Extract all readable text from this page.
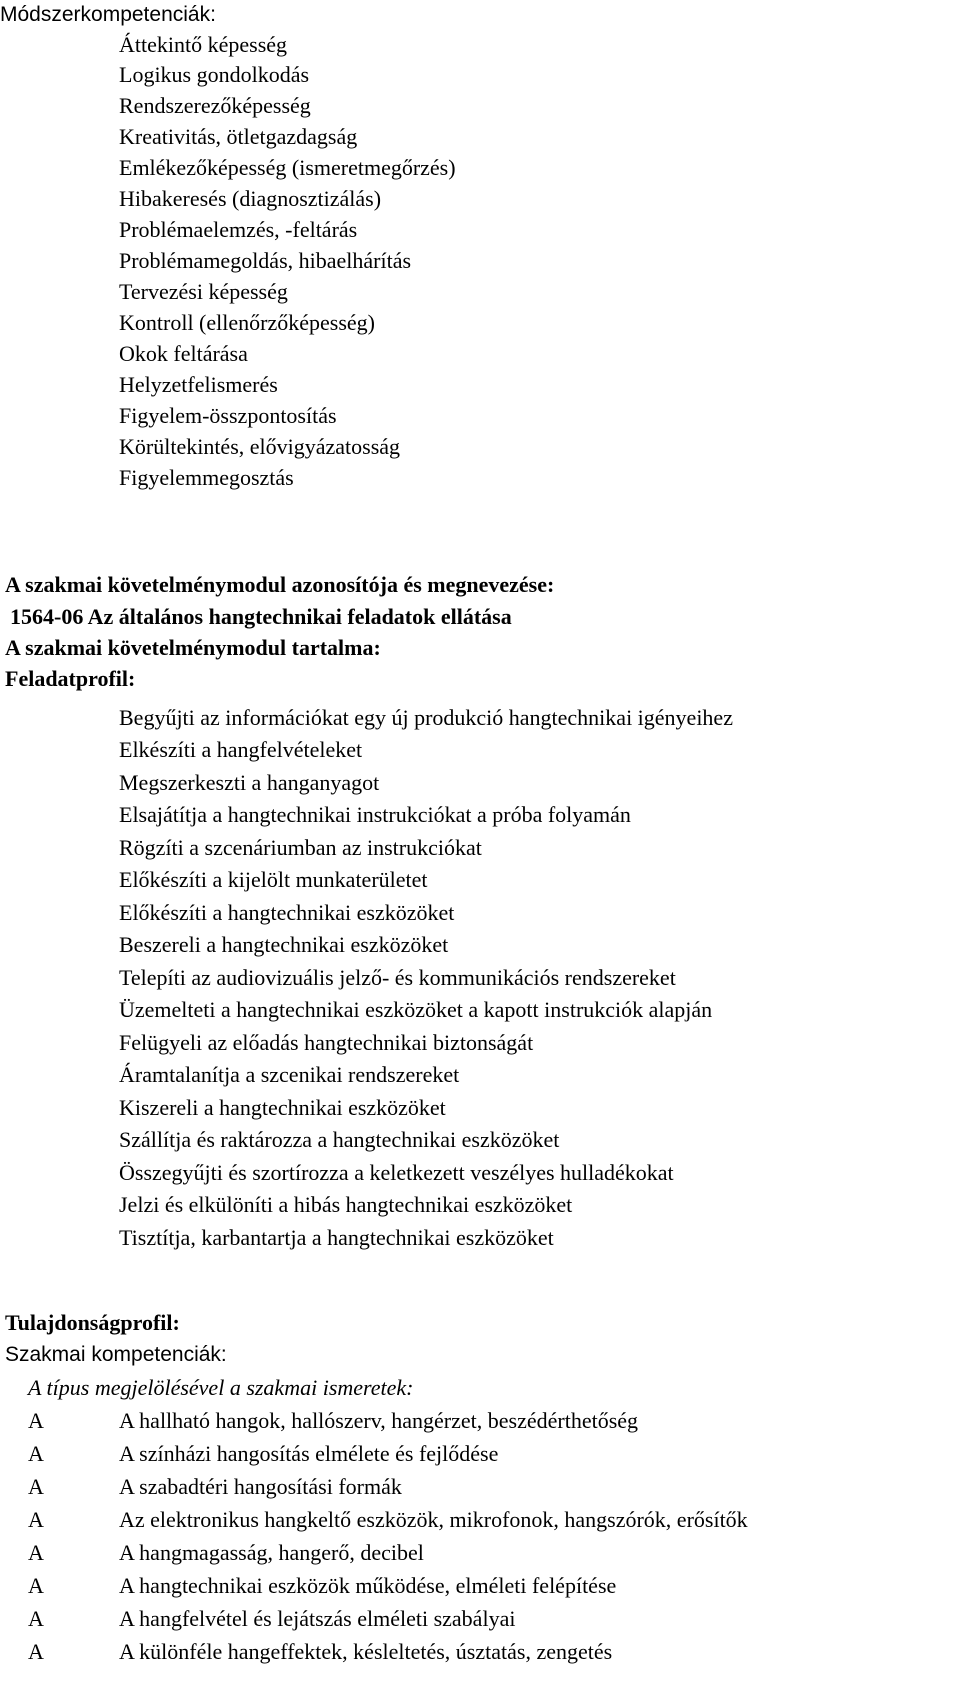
Módszerkompetenciák:
Áttekintő képesség
Logikus gondolkodás
Rendszerezőképesség
Kreativitás, ötletgazdagság
Emlékezőképesség (ismeretmegőrzés)
Hibakeresés (diagnosztizálás)
Problémaelemzés, -feltárás
Problémamegoldás, hibaelhárítás
Tervezési képesség
Kontroll (ellenőrzőképesség)
Okok feltárása
Helyzetfelismerés
Figyelem-összpontosítás
Körültekintés, elővigyázatosság
Figyelemmegosztás
A szakmai követelménymodul azonosítója és megnevezése:
1564-06 Az általános hangtechnikai feladatok ellátása
A szakmai követelménymodul tartalma:
Feladatprofil:
Begyűjti az információkat egy új produkció hangtechnikai igényeihez
Elkészíti a hangfelvételeket
Megszerkeszti a hanganyagot
Elsajátítja a hangtechnikai instrukciókat a próba folyamán
Rögzíti a szcenáriumban az instrukciókat
Előkészíti a kijelölt munkaterületet
Előkészíti a hangtechnikai eszközöket
Beszereli a hangtechnikai eszközöket
Telepíti az audiovizuális jelző- és kommunikációs rendszereket
Üzemelteti a hangtechnikai eszközöket a kapott instrukciók alapján
Felügyeli az előadás hangtechnikai biztonságát
Áramtalanítja a szcenikai rendszereket
Kiszereli a hangtechnikai eszközöket
Szállítja és raktározza a hangtechnikai eszközöket
Összegyűjti és szortírozza a keletkezett veszélyes hulladékokat
Jelzi és elkülöníti a hibás hangtechnikai eszközöket
Tisztítja, karbantartja a hangtechnikai eszközöket
Tulajdonságprofil:
Szakmai kompetenciák:
A típus megjelölésével a szakmai ismeretek:
A	A hallható hangok, hallószerv, hangérzet, beszédérthetőség
A	A színházi hangosítás elmélete és fejlődése
A	A szabadtéri hangosítási formák
A	Az elektronikus hangkeltő eszközök, mikrofonok, hangszórók, erősítők
A	A hangmagasság, hangerő, decibel
A	A hangtechnikai eszközök működése, elméleti felépítése
A	A hangfelvétel és lejátszás elméleti szabályai
A	A különféle hangeffektek, késleltetés, úsztatás, zengetés
